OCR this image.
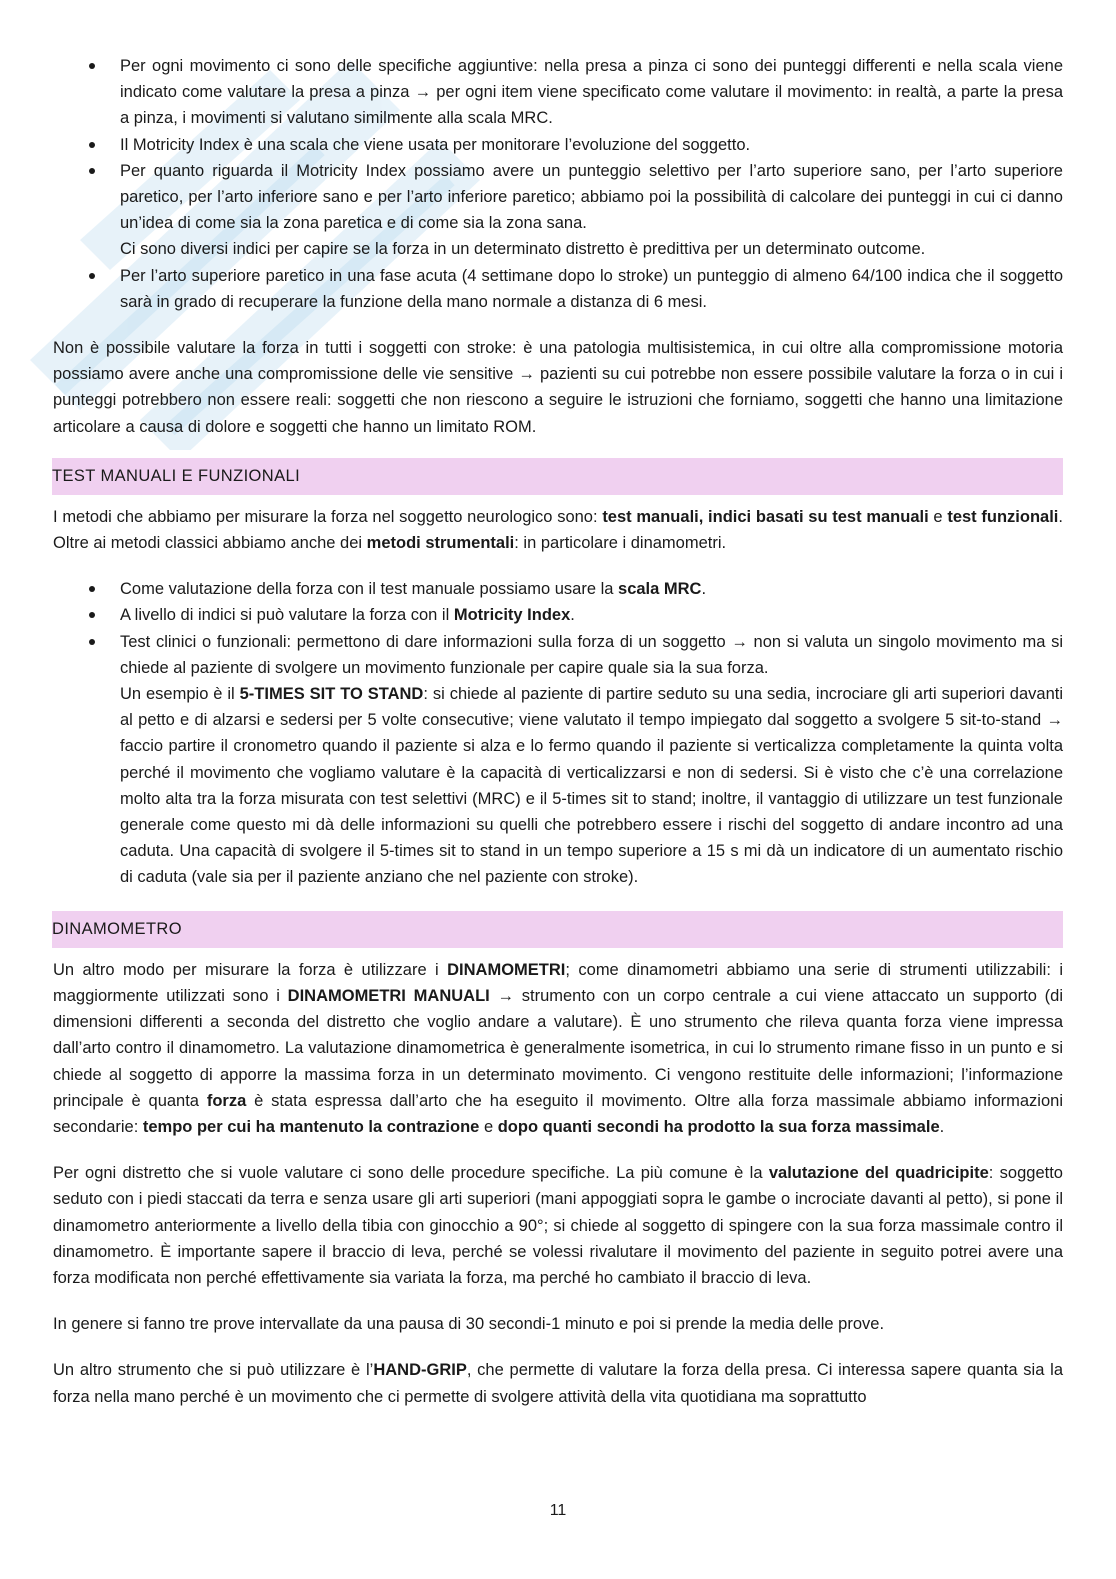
Per ogni movimento ci sono delle specifiche aggiuntive: nella presa a pinza ci sono dei punteggi differenti e nella scala viene indicato come valutare la presa a pinza → per ogni item viene specificato come valutare il movimento: in realtà, a parte la presa a pinza, i movimenti si valutano similmente alla scala MRC.

Il Motricity Index è una scala che viene usata per monitorare l’evoluzione del soggetto.

Per quanto riguarda il Motricity Index possiamo avere un punteggio selettivo per l’arto superiore sano, per l’arto superiore paretico, per l’arto inferiore sano e per l’arto inferiore paretico; abbiamo poi la possibilità di calcolare dei punteggi in cui ci danno un’idea di come sia la zona paretica e di come sia la zona sana.

Ci sono diversi indici per capire se la forza in un determinato distretto è predittiva per un determinato outcome.

Per l’arto superiore paretico in una fase acuta (4 settimane dopo lo stroke) un punteggio di almeno 64/100 indica che il soggetto sarà in grado di recuperare la funzione della mano normale a distanza di 6 mesi.

Non è possibile valutare la forza in tutti i soggetti con stroke: è una patologia multisistemica, in cui oltre alla compromissione motoria possiamo avere anche una compromissione delle vie sensitive → pazienti su cui potrebbe non essere possibile valutare la forza o in cui i punteggi potrebbero non essere reali: soggetti che non riescono a seguire le istruzioni che forniamo, soggetti che hanno una limitazione articolare a causa di dolore e soggetti che hanno un limitato ROM.

TEST MANUALI E FUNZIONALI

I metodi che abbiamo per misurare la forza nel soggetto neurologico sono: test manuali, indici basati su test manuali e test funzionali. Oltre ai metodi classici abbiamo anche dei metodi strumentali: in particolare i dinamometri.

Come valutazione della forza con il test manuale possiamo usare la scala MRC.

A livello di indici si può valutare la forza con il Motricity Index.

Test clinici o funzionali: permettono di dare informazioni sulla forza di un soggetto → non si valuta un singolo movimento ma si chiede al paziente di svolgere un movimento funzionale per capire quale sia la sua forza.

Un esempio è il 5-TIMES SIT TO STAND: si chiede al paziente di partire seduto su una sedia, incrociare gli arti superiori davanti al petto e di alzarsi e sedersi per 5 volte consecutive; viene valutato il tempo impiegato dal soggetto a svolgere 5 sit-to-stand → faccio partire il cronometro quando il paziente si alza e lo fermo quando il paziente si verticalizza completamente la quinta volta perché il movimento che vogliamo valutare è la capacità di verticalizzarsi e non di sedersi. Si è visto che c’è una correlazione molto alta tra la forza misurata con test selettivi (MRC) e il 5-times sit to stand; inoltre, il vantaggio di utilizzare un test funzionale generale come questo mi dà delle informazioni su quelli che potrebbero essere i rischi del soggetto di andare incontro ad una caduta. Una capacità di svolgere il 5-times sit to stand in un tempo superiore a 15 s mi dà un indicatore di un aumentato rischio di caduta (vale sia per il paziente anziano che nel paziente con stroke).

DINAMOMETRO

Un altro modo per misurare la forza è utilizzare i DINAMOMETRI; come dinamometri abbiamo una serie di strumenti utilizzabili: i maggiormente utilizzati sono i DINAMOMETRI MANUALI → strumento con un corpo centrale a cui viene attaccato un supporto (di dimensioni differenti a seconda del distretto che voglio andare a valutare). È uno strumento che rileva quanta forza viene impressa dall’arto contro il dinamometro. La valutazione dinamometrica è generalmente isometrica, in cui lo strumento rimane fisso in un punto e si chiede al soggetto di apporre la massima forza in un determinato movimento. Ci vengono restituite delle informazioni; l’informazione principale è quanta forza è stata espressa dall’arto che ha eseguito il movimento. Oltre alla forza massimale abbiamo informazioni secondarie: tempo per cui ha mantenuto la contrazione e dopo quanti secondi ha prodotto la sua forza massimale.

Per ogni distretto che si vuole valutare ci sono delle procedure specifiche. La più comune è la valutazione del quadricipite: soggetto seduto con i piedi staccati da terra e senza usare gli arti superiori (mani appoggiati sopra le gambe o incrociate davanti al petto), si pone il dinamometro anteriormente a livello della tibia con ginocchio a 90°; si chiede al soggetto di spingere con la sua forza massimale contro il dinamometro. È importante sapere il braccio di leva, perché se volessi rivalutare il movimento del paziente in seguito potrei avere una forza modificata non perché effettivamente sia variata la forza, ma perché ho cambiato il braccio di leva.

In genere si fanno tre prove intervallate da una pausa di 30 secondi-1 minuto e poi si prende la media delle prove.

Un altro strumento che si può utilizzare è l’HAND-GRIP, che permette di valutare la forza della presa. Ci interessa sapere quanta sia la forza nella mano perché è un movimento che ci permette di svolgere attività della vita quotidiana ma soprattutto

11
